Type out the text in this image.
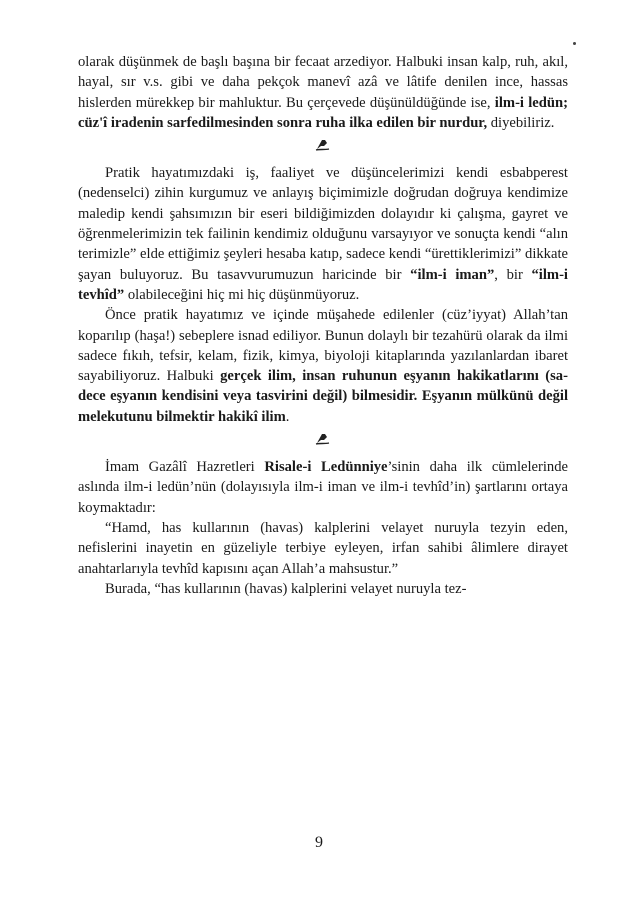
olarak düşünmek de başlı başına bir fecaat arzediyor. Halbuki insan kalp, ruh, akıl, hayal, sır v.s. gibi ve daha pekçok manevî azâ ve lâtife denilen ince, hassas hislerden mürekkep bir mahluktur. Bu çerçevede düşünüldüğünde ise, ilm-i ledün; cüz'î iradenin sarfedilmesinden sonra ruha ilka edilen bir nurdur, diyebiliriz.

Pratik hayatımızdaki iş, faaliyet ve düşüncelerimizi kendi esbabperest (nedenselci) zihin kurgumuz ve anlayış biçimimizle doğrudan doğruya kendimize maledip kendi şahsımızın bir eseri bildiğimizden dolayıdır ki çalışma, gayret ve öğrenmelerimizin tek failinin kendimiz olduğunu varsayıyor ve sonuçta kendi “alın terimizle” elde ettiğimiz şeyleri hesaba katıp, sadece kendi “ürettiklerimizi” dikkate şayan buluyoruz. Bu tasavvurumuzun haricinde bir “ilm-i iman”, bir “ilm-i tevhîd” olabileceğini hiç mi hiç düşünmüyoruz.

Önce pratik hayatımız ve içinde müşahede edilenler (cüz’iyyat) Allah’tan koparılıp (haşa!) sebeplere isnad ediliyor. Bunun dolaylı bir tezahürü olarak da ilmi sadece fıkıh, tefsir, kelam, fizik, kimya, biyoloji kitaplarında yazılanlardan ibaret sayabiliyoruz. Halbuki gerçek ilim, insan ruhunun eşyanın hakikatlarını (sadece eşyanın kendisini veya tasvirini değil) bilmesidir. Eşyanın mülkünü değil melekutunu bilmektir hakikî ilim.

İmam Gazâlî Hazretleri Risale-i Ledünniye’sinin daha ilk cümlelerinde aslında ilm-i ledün’nün (dolayısıyla ilm-i iman ve ilm-i tevhîd’in) şartlarını ortaya koymaktadır:

“Hamd, has kullarının (havas) kalplerini velayet nuruyla tezyin eden, nefislerini inayetin en güzeliyle terbiye eyleyen, irfan sahibi âlimlere dirayet anahtarlarıyla tevhîd kapısını açan Allah’a mahsustur.”

Burada, “has kullarının (havas) kalplerini velayet nuruyla tez-

9
